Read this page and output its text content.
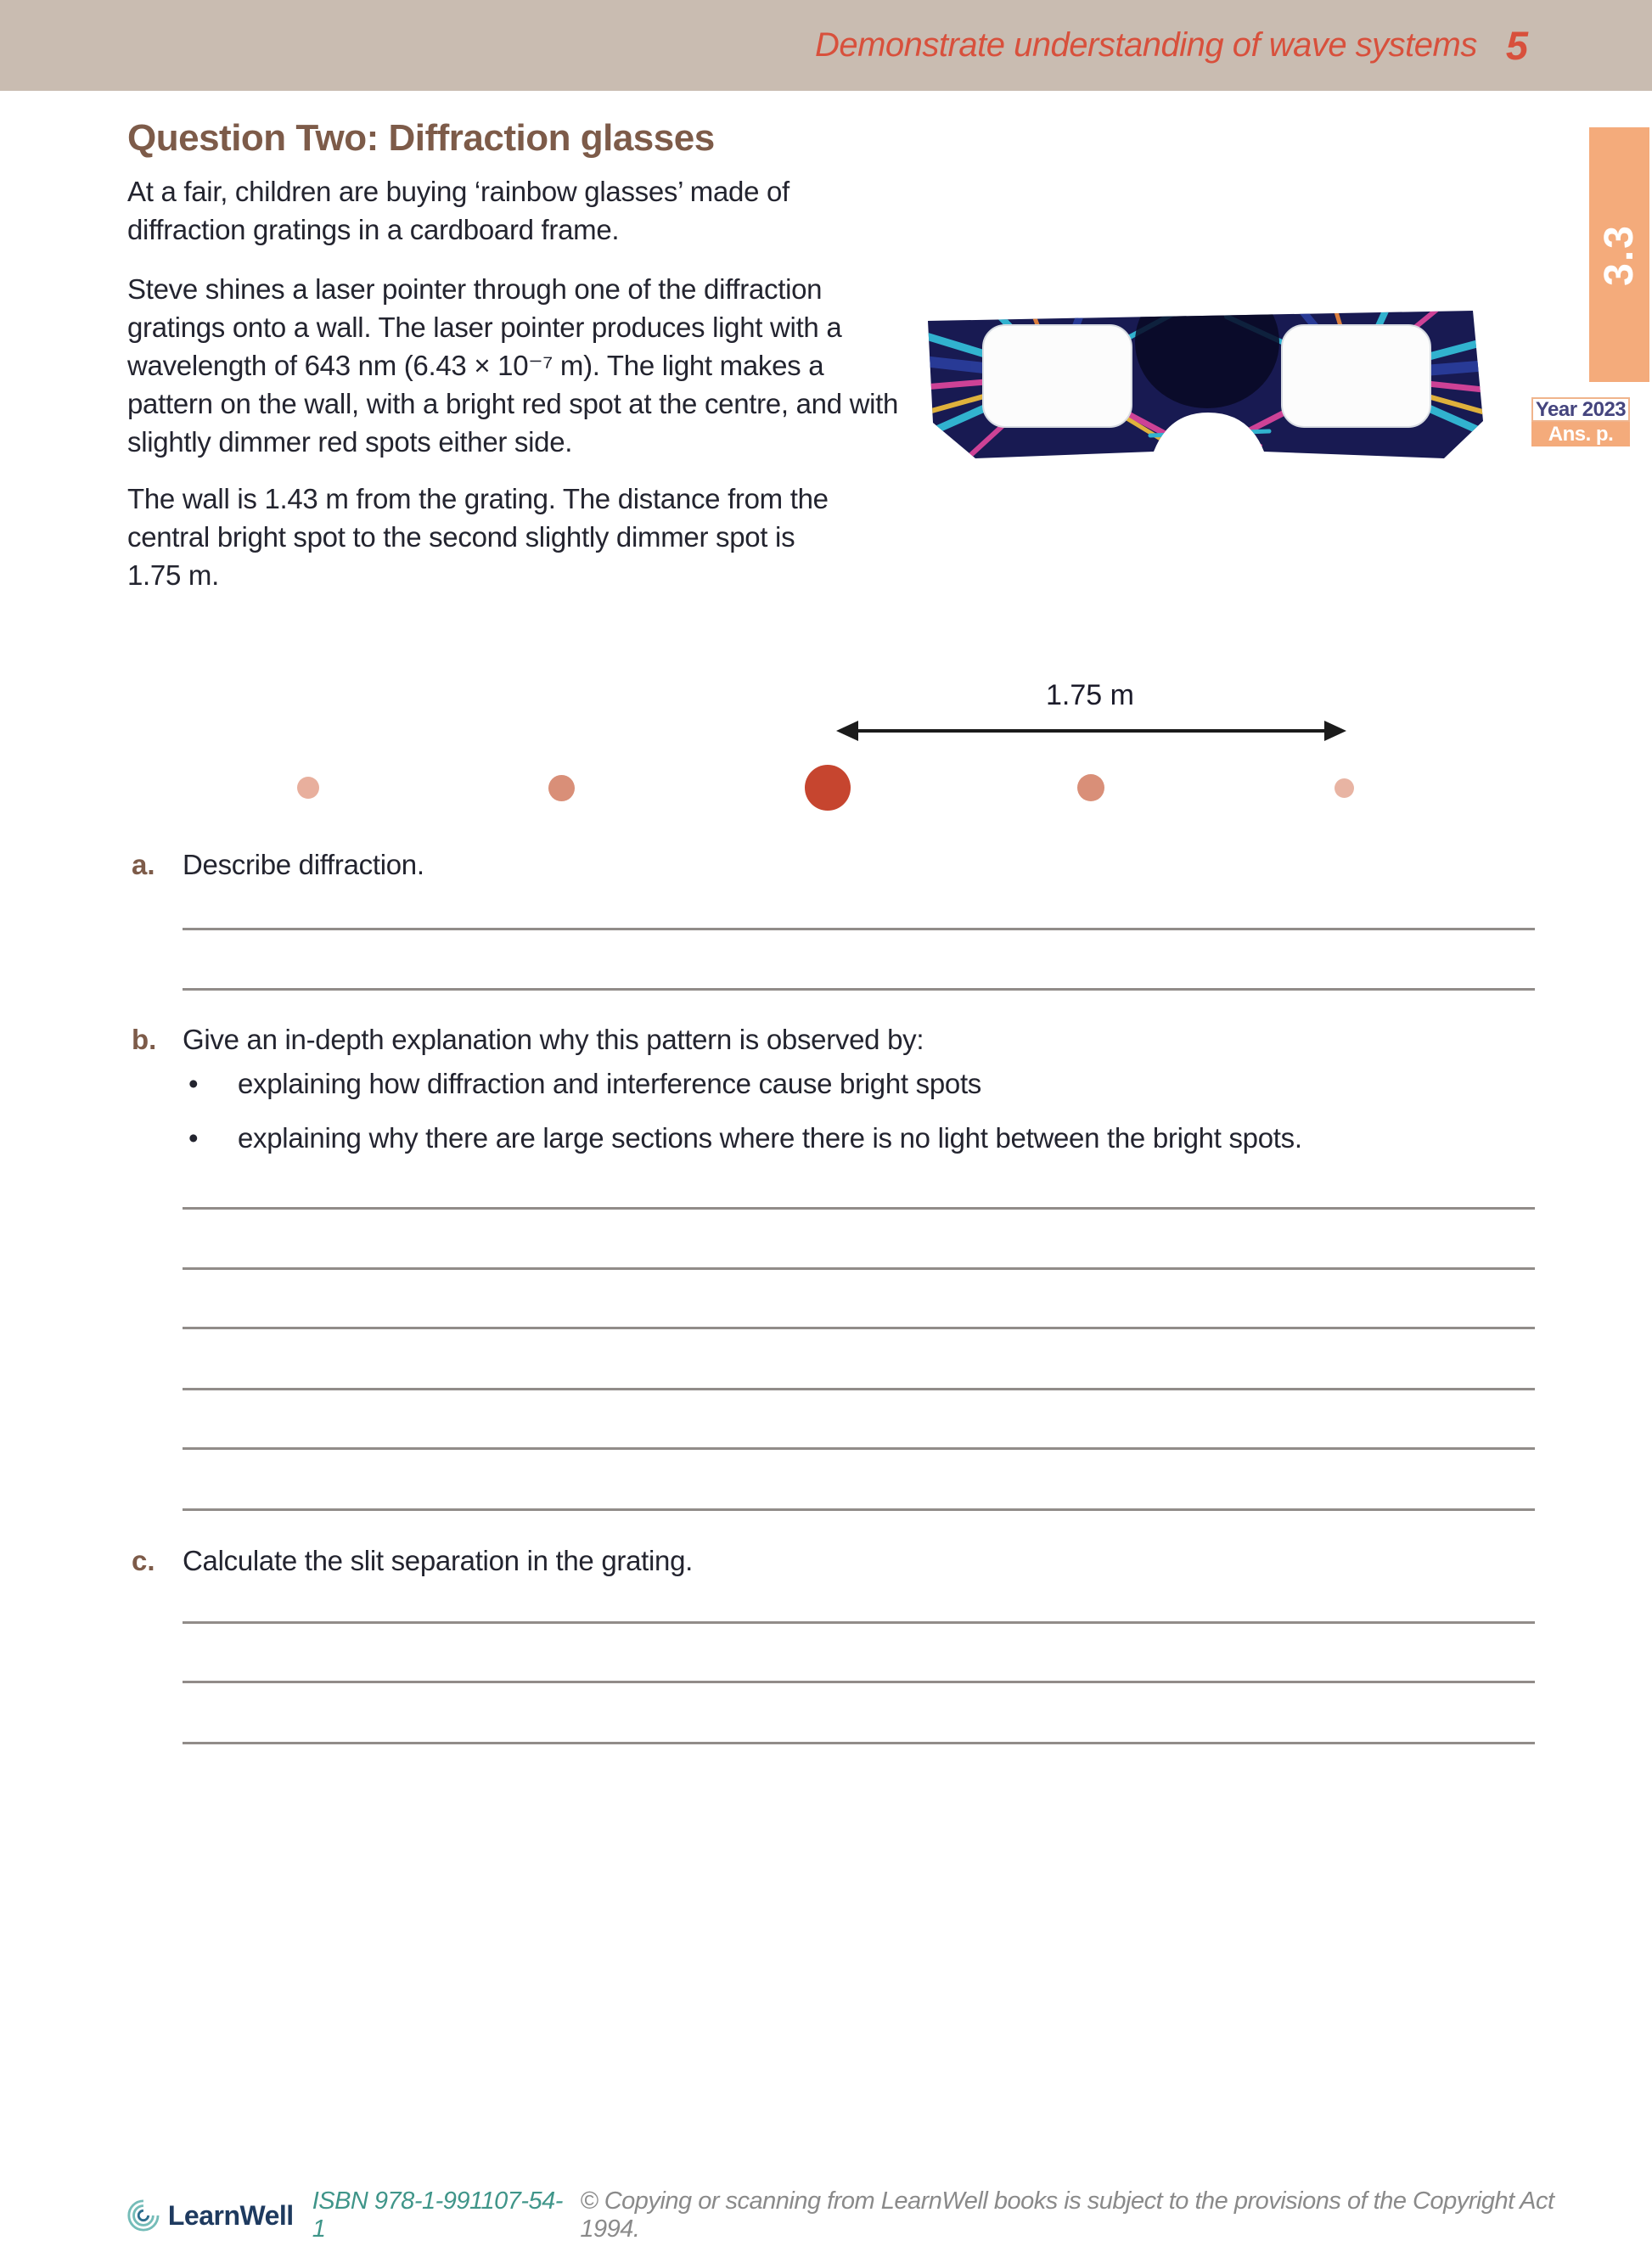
Demonstrate understanding of wave systems 5
3.3
Year 2023
Ans. p. 127
Question Two: Diffraction glasses
At a fair, children are buying ‘rainbow glasses’ made of diffraction gratings in a cardboard frame.
Steve shines a laser pointer through one of the diffraction gratings onto a wall. The laser pointer produces light with a wavelength of 643 nm (6.43 × 10⁻⁷ m). The light makes a pattern on the wall, with a bright red spot at the centre, and with slightly dimmer red spots either side.
The wall is 1.43 m from the grating. The distance from the central bright spot to the second slightly dimmer spot is 1.75 m.
1.75 m
a. Describe diffraction.
b. Give an in-depth explanation why this pattern is observed by:
• explaining how diffraction and interference cause bright spots
• explaining why there are large sections where there is no light between the bright spots.
c. Calculate the slit separation in the grating.
LearnWell ISBN 978-1-991107-54-1
© Copying or scanning from LearnWell books is subject to the provisions of the Copyright Act 1994.
